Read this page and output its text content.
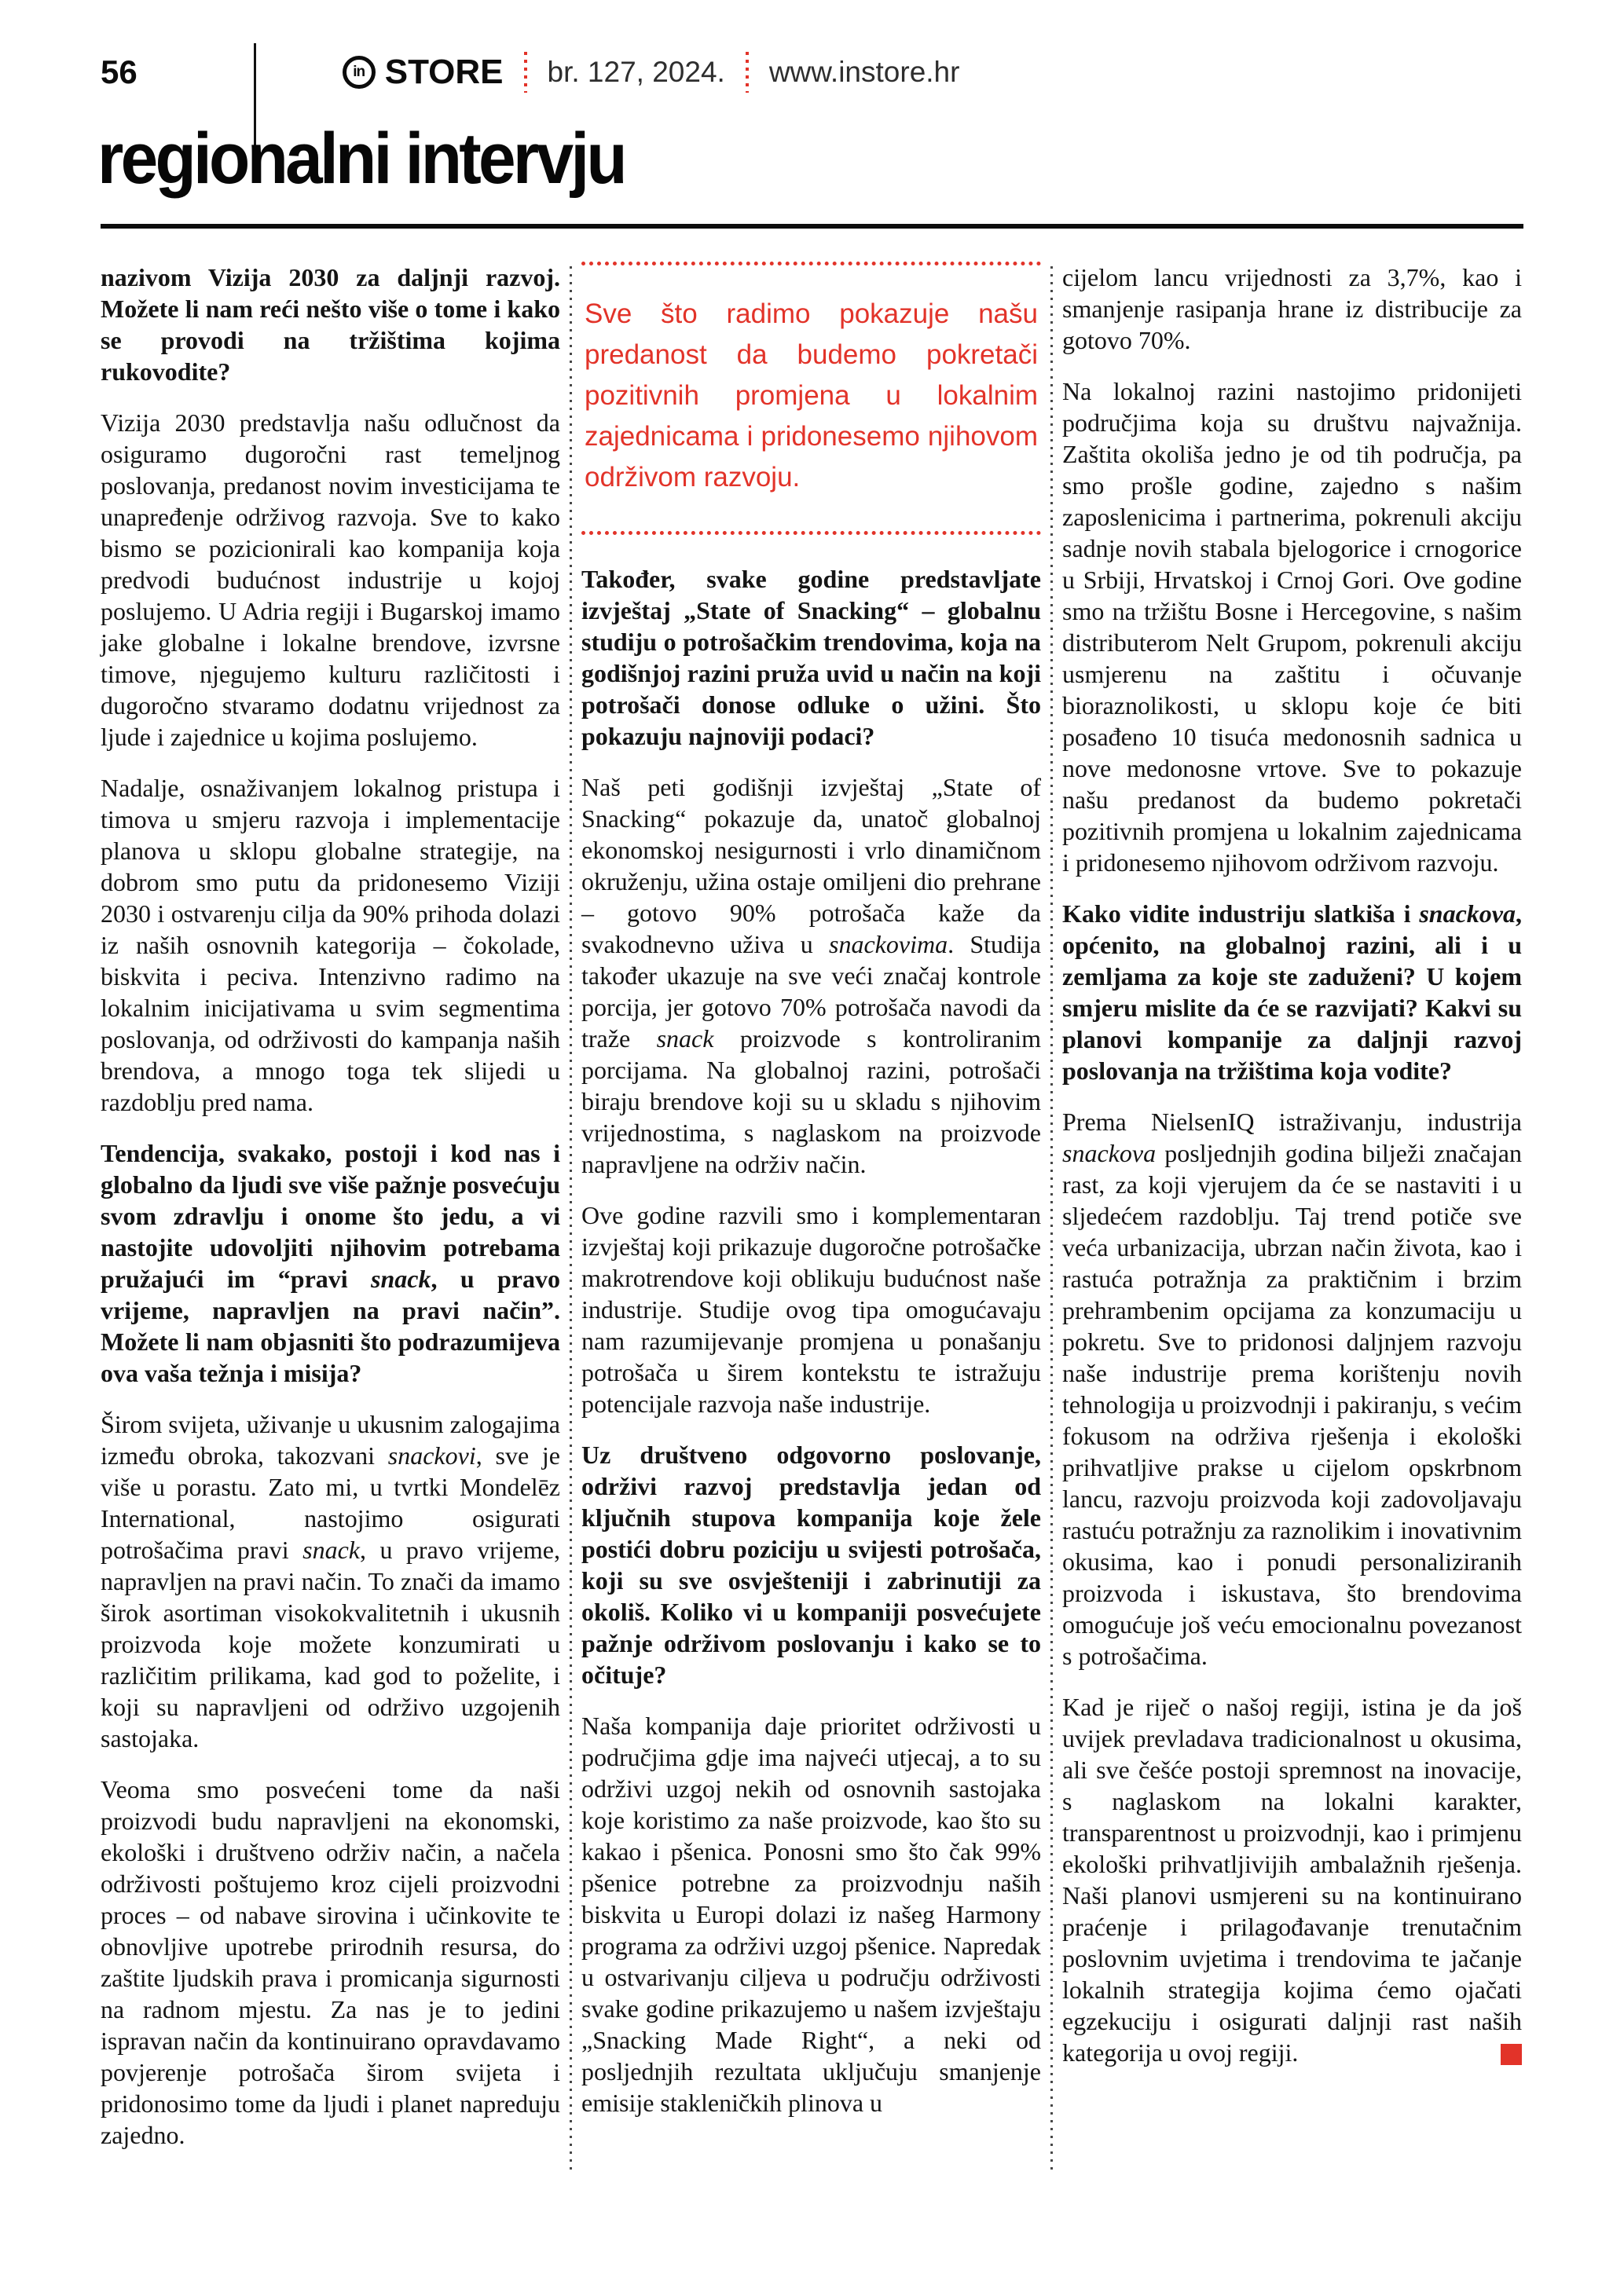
56	in STORE br. 127, 2024. www.instore.hr
regionalni intervju

nazivom Vizija 2030 za daljnji razvoj. Možete li nam reći nešto više o tome i kako se provodi na tržištima kojima rukovodite?

Vizija 2030 predstavlja našu odlučnost da osiguramo dugoročni rast temeljnog poslovanja, predanost novim investicijama te unapređenje održivog razvoja. Sve to kako bismo se pozicionirali kao kompanija koja predvodi budućnost industrije u kojoj poslujemo. U Adria regiji i Bugarskoj imamo jake globalne i lokalne brendove, izvrsne timove, njegujemo kulturu različitosti i dugoročno stvaramo dodatnu vrijednost za ljude i zajednice u kojima poslujemo.

Nadalje, osnaživanjem lokalnog pristupa i timova u smjeru razvoja i implementacije planova u sklopu globalne strategije, na dobrom smo putu da pridonesemo Viziji 2030 i ostvarenju cilja da 90% prihoda dolazi iz naših osnovnih kategorija – čokolade, biskvita i peciva. Intenzivno radimo na lokalnim inicijativama u svim segmentima poslovanja, od održivosti do kampanja naših brendova, a mnogo toga tek slijedi u razdoblju pred nama.

Tendencija, svakako, postoji i kod nas i globalno da ljudi sve više pažnje posvećuju svom zdravlju i onome što jedu, a vi nastojite udovoljiti njihovim potrebama pružajući im “pravi snack, u pravo vrijeme, napravljen na pravi način”. Možete li nam objasniti što podrazumijeva ova vaša težnja i misija?

Širom svijeta, uživanje u ukusnim zalogajima između obroka, takozvani snackovi, sve je više u porastu. Zato mi, u tvrtki Mondelēz International, nastojimo osigurati potrošačima pravi snack, u pravo vrijeme, napravljen na pravi način. To znači da imamo širok asortiman visokokvalitetnih i ukusnih proizvoda koje možete konzumirati u različitim prilikama, kad god to poželite, i koji su napravljeni od održivo uzgojenih sastojaka.

Veoma smo posvećeni tome da naši proizvodi budu napravljeni na ekonomski, ekološki i društveno održiv način, a načela održivosti poštujemo kroz cijeli proizvodni proces – od nabave sirovina i učinkovite te obnovljive upotrebe prirodnih resursa, do zaštite ljudskih prava i promicanja sigurnosti na radnom mjestu. Za nas je to jedini ispravan način da kontinuirano opravdavamo povjerenje potrošača širom svijeta i pridonosimo tome da ljudi i planet napreduju zajedno.

Sve što radimo pokazuje našu predanost da budemo pokretači pozitivnih promjena u lokalnim zajednicama i pridonesemo njihovom održivom razvoju.

Također, svake godine predstavljate izvještaj „State of Snacking“ – globalnu studiju o potrošačkim trendovima, koja na godišnjoj razini pruža uvid u način na koji potrošači donose odluke o užini. Što pokazuju najnoviji podaci?

Naš peti godišnji izvještaj „State of Snacking“ pokazuje da, unatoč globalnoj ekonomskoj nesigurnosti i vrlo dinamičnom okruženju, užina ostaje omiljeni dio prehrane – gotovo 90% potrošača kaže da svakodnevno uživa u snackovima. Studija također ukazuje na sve veći značaj kontrole porcija, jer gotovo 70% potrošača navodi da traže snack proizvode s kontroliranim porcijama. Na globalnoj razini, potrošači biraju brendove koji su u skladu s njihovim vrijednostima, s naglaskom na proizvode napravljene na održiv način.

Ove godine razvili smo i komplementaran izvještaj koji prikazuje dugoročne potrošačke makrotrendove koji oblikuju budućnost naše industrije. Studije ovog tipa omogućavaju nam razumijevanje promjena u ponašanju potrošača u širem kontekstu te istražuju potencijale razvoja naše industrije.

Uz društveno odgovorno poslovanje, održivi razvoj predstavlja jedan od ključnih stupova kompanija koje žele postići dobru poziciju u svijesti potrošača, koji su sve osvješteniji i zabrinutiji za okoliš. Koliko vi u kompaniji posvećujete pažnje održivom poslovanju i kako se to očituje?

Naša kompanija daje prioritet održivosti u područjima gdje ima najveći utjecaj, a to su održivi uzgoj nekih od osnovnih sastojaka koje koristimo za naše proizvode, kao što su kakao i pšenica. Ponosni smo što čak 99% pšenice potrebne za proizvodnju naših biskvita u Europi dolazi iz našeg Harmony programa za održivi uzgoj pšenice. Napredak u ostvarivanju ciljeva u području održivosti svake godine prikazujemo u našem izvještaju „Snacking Made Right“, a neki od posljednjih rezultata uključuju smanjenje emisije stakleničkih plinova u

cijelom lancu vrijednosti za 3,7%, kao i smanjenje rasipanja hrane iz distribucije za gotovo 70%.

Na lokalnoj razini nastojimo pridonijeti područjima koja su društvu najvažnija. Zaštita okoliša jedno je od tih područja, pa smo prošle godine, zajedno s našim zaposlenicima i partnerima, pokrenuli akciju sadnje novih stabala bjelogorice i crnogorice u Srbiji, Hrvatskoj i Crnoj Gori. Ove godine smo na tržištu Bosne i Hercegovine, s našim distributerom Nelt Grupom, pokrenuli akciju usmjerenu na zaštitu i očuvanje bioraznolikosti, u sklopu koje će biti posađeno 10 tisuća medonosnih sadnica u nove medonosne vrtove. Sve to pokazuje našu predanost da budemo pokretači pozitivnih promjena u lokalnim zajednicama i pridonesemo njihovom održivom razvoju.

Kako vidite industriju slatkiša i snackova, općenito, na globalnoj razini, ali i u zemljama za koje ste zaduženi? U kojem smjeru mislite da će se razvijati? Kakvi su planovi kompanije za daljnji razvoj poslovanja na tržištima koja vodite?

Prema NielsenIQ istraživanju, industrija snackova posljednjih godina bilježi značajan rast, za koji vjerujem da će se nastaviti i u sljedećem razdoblju. Taj trend potiče sve veća urbanizacija, ubrzan način života, kao i rastuća potražnja za praktičnim i brzim prehrambenim opcijama za konzumaciju u pokretu. Sve to pridonosi daljnjem razvoju naše industrije prema korištenju novih tehnologija u proizvodnji i pakiranju, s većim fokusom na održiva rješenja i ekološki prihvatljive prakse u cijelom opskrbnom lancu, razvoju proizvoda koji zadovoljavaju rastuću potražnju za raznolikim i inovativnim okusima, kao i ponudi personaliziranih proizvoda i iskustava, što brendovima omogućuje još veću emocionalnu povezanost s potrošačima.

Kad je riječ o našoj regiji, istina je da još uvijek prevladava tradicionalnost u okusima, ali sve češće postoji spremnost na inovacije, s naglaskom na lokalni karakter, transparentnost u proizvodnji, kao i primjenu ekološki prihvatljivijih ambalažnih rješenja. Naši planovi usmjereni su na kontinuirano praćenje i prilagođavanje trenutačnim poslovnim uvjetima i trendovima te jačanje lokalnih strategija kojima ćemo ojačati egzekuciju i osigurati daljnji rast naših kategorija u ovoj regiji.
